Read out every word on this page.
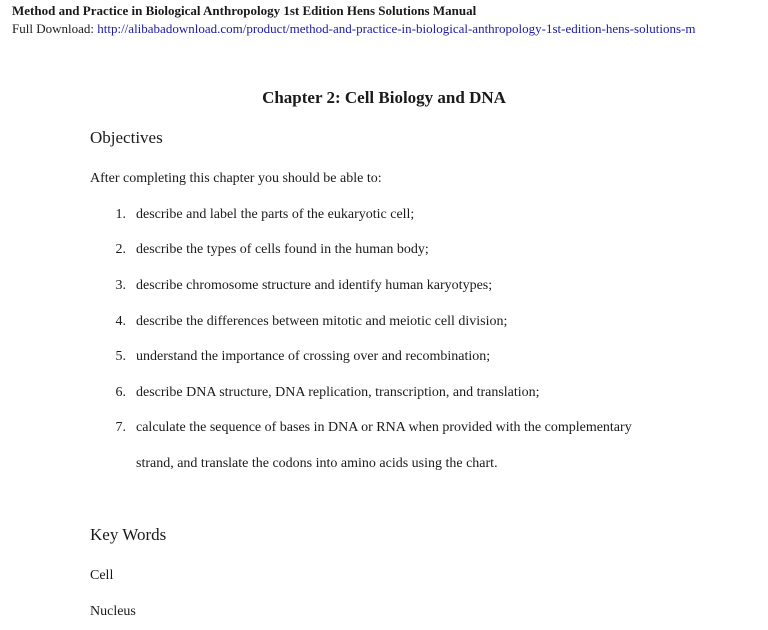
Method and Practice in Biological Anthropology 1st Edition Hens Solutions Manual
Full Download: http://alibabadownload.com/product/method-and-practice-in-biological-anthropology-1st-edition-hens-solutions-m
Chapter 2: Cell Biology and DNA
Objectives
After completing this chapter you should be able to:
1. describe and label the parts of the eukaryotic cell;
2. describe the types of cells found in the human body;
3. describe chromosome structure and identify human karyotypes;
4. describe the differences between mitotic and meiotic cell division;
5. understand the importance of crossing over and recombination;
6. describe DNA structure, DNA replication, transcription, and translation;
7. calculate the sequence of bases in DNA or RNA when provided with the complementary
strand, and translate the codons into amino acids using the chart.
Key Words
Cell
Nucleus
